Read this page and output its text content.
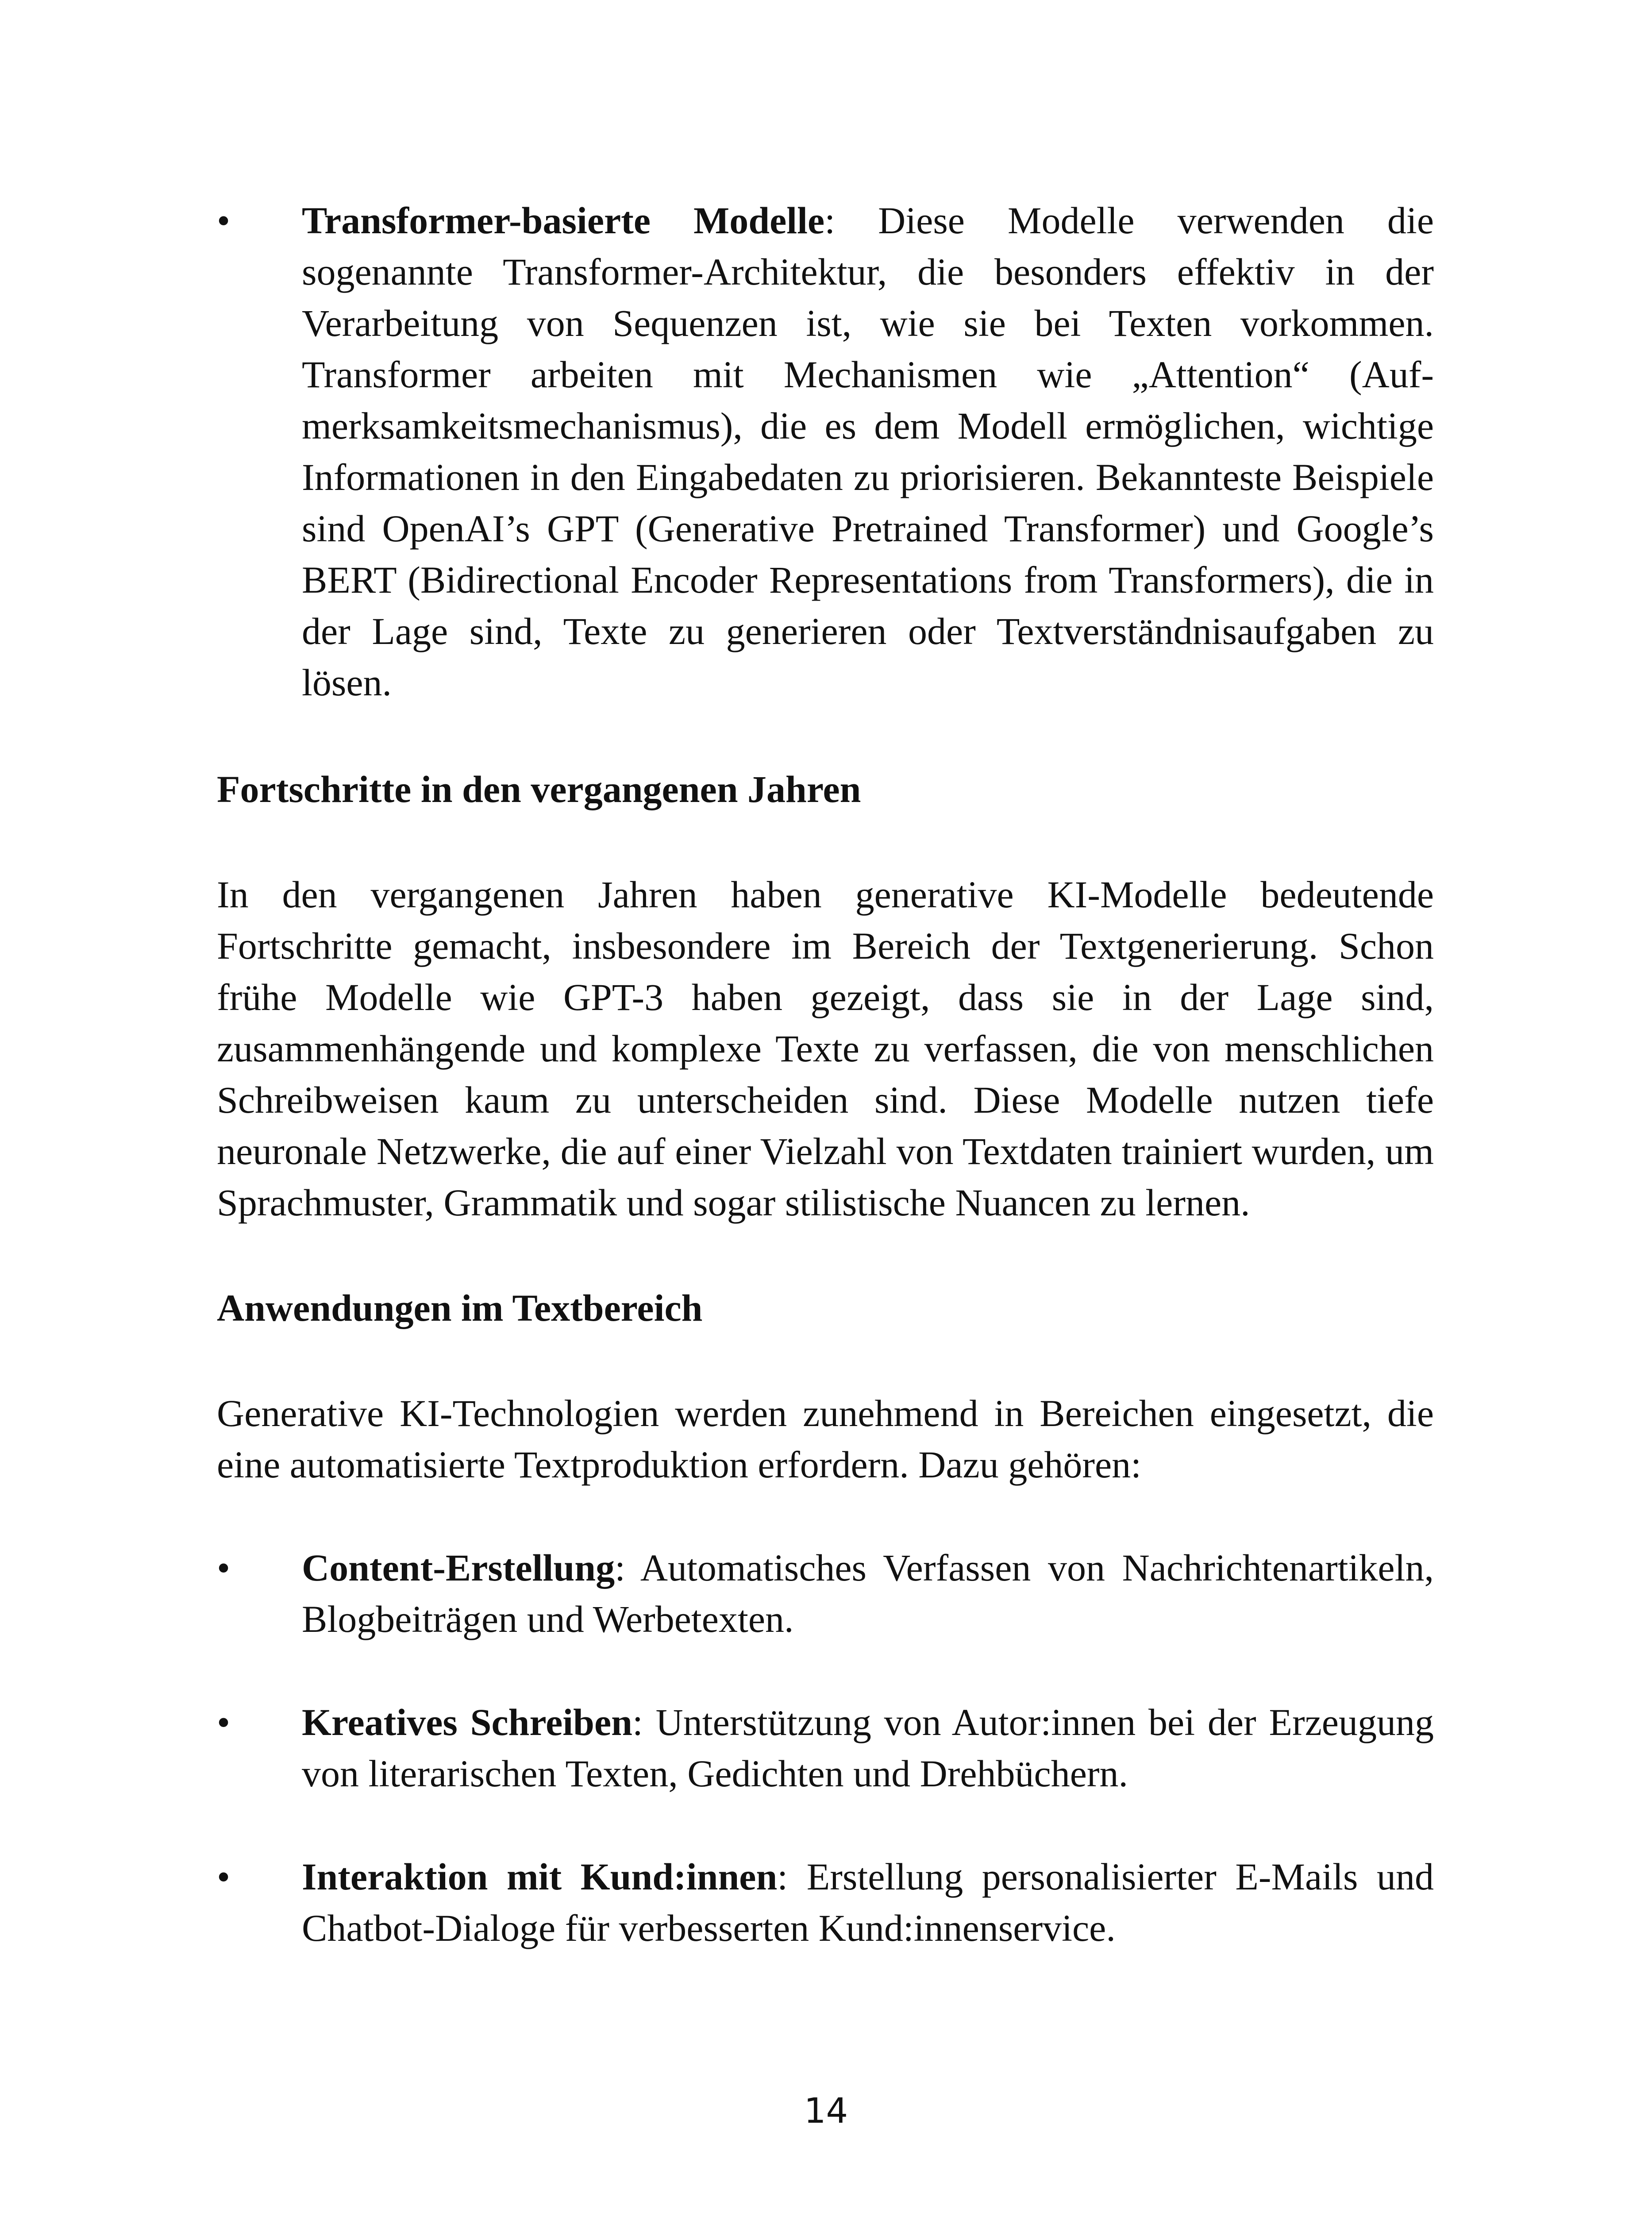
•	Transformer-basierte Modelle: Diese Modelle verwenden die sogenannte Transformer-Architektur, die besonders effektiv in der Verarbeitung von Sequenzen ist, wie sie bei Texten vorkommen. Transformer arbeiten mit Mechanismen wie „Attention“ (Aufmerksamkeitsmechanismus), die es dem Modell ermöglichen, wichtige Informationen in den Eingabedaten zu priorisieren. Bekannteste Beispiele sind OpenAI’s GPT (Generative Pretrained Transformer) und Google’s BERT (Bidirectional Encoder Representations from Transformers), die in der Lage sind, Texte zu generieren oder Textverständnisaufgaben zu lösen.
Fortschritte in den vergangenen Jahren

In den vergangenen Jahren haben generative KI-Modelle bedeutende Fortschritte gemacht, insbesondere im Bereich der Textgenerierung. Schon frühe Modelle wie GPT-3 haben gezeigt, dass sie in der Lage sind, zusammenhängende und komplexe Texte zu verfassen, die von menschlichen Schreibweisen kaum zu unterscheiden sind. Diese Modelle nutzen tiefe neuronale Netzwerke, die auf einer Vielzahl von Textdaten trainiert wurden, um Sprachmuster, Grammatik und sogar stilistische Nuancen zu lernen.

Anwendungen im Textbereich

Generative KI-Technologien werden zunehmend in Bereichen eingesetzt, die eine automatisierte Textproduktion erfordern. Dazu gehören:

•	Content-Erstellung: Automatisches Verfassen von Nachrichtenartikeln, Blogbeiträgen und Werbetexten.
•	Kreatives Schreiben: Unterstützung von Autor:innen bei der Erzeugung von literarischen Texten, Gedichten und Drehbüchern.
•	Interaktion mit Kund:innen: Erstellung personalisierter E-Mails und Chatbot-Dialoge für verbesserten Kund:innenservice.
14
